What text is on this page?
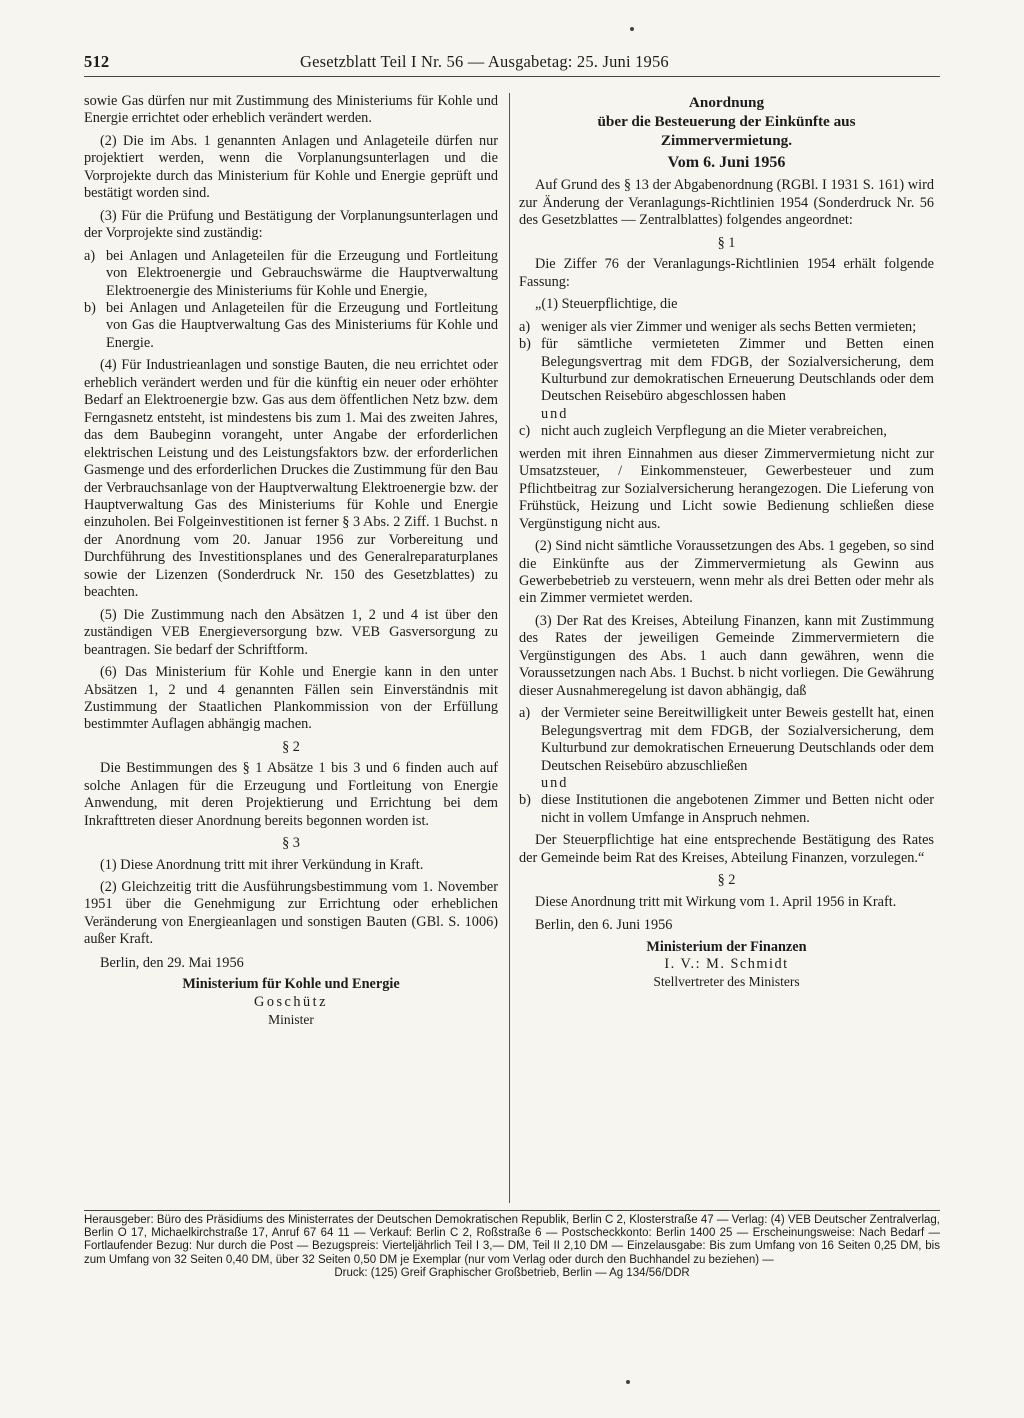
512	Gesetzblatt Teil I Nr. 56 — Ausgabetag: 25. Juni 1956

sowie Gas dürfen nur mit Zustimmung des Ministeriums für Kohle und Energie errichtet oder erheblich verändert werden.

(2) Die im Abs. 1 genannten Anlagen und Anlageteile dürfen nur projektiert werden, wenn die Vorplanungsunterlagen und die Vorprojekte durch das Ministerium für Kohle und Energie geprüft und bestätigt worden sind.

(3) Für die Prüfung und Bestätigung der Vorplanungsunterlagen und der Vorprojekte sind zuständig:

a) bei Anlagen und Anlageteilen für die Erzeugung und Fortleitung von Elektroenergie und Gebrauchswärme die Hauptverwaltung Elektroenergie des Ministeriums für Kohle und Energie,
b) bei Anlagen und Anlageteilen für die Erzeugung und Fortleitung von Gas die Hauptverwaltung Gas des Ministeriums für Kohle und Energie.

(4) Für Industrieanlagen und sonstige Bauten, die neu errichtet oder erheblich verändert werden und für die künftig ein neuer oder erhöhter Bedarf an Elektroenergie bzw. Gas aus dem öffentlichen Netz bzw. dem Ferngasnetz entsteht, ist mindestens bis zum 1. Mai des zweiten Jahres, das dem Baubeginn vorangeht, unter Angabe der erforderlichen elektrischen Leistung und des Leistungsfaktors bzw. der erforderlichen Gasmenge und des erforderlichen Druckes die Zustimmung für den Bau der Verbrauchsanlage von der Hauptverwaltung Elektroenergie bzw. der Hauptverwaltung Gas des Ministeriums für Kohle und Energie einzuholen. Bei Folgeinvestitionen ist ferner § 3 Abs. 2 Ziff. 1 Buchst. n der Anordnung vom 20. Januar 1956 zur Vorbereitung und Durchführung des Investitionsplanes und des Generalreparaturplanes sowie der Lizenzen (Sonderdruck Nr. 150 des Gesetzblattes) zu beachten.

(5) Die Zustimmung nach den Absätzen 1, 2 und 4 ist über den zuständigen VEB Energieversorgung bzw. VEB Gasversorgung zu beantragen. Sie bedarf der Schriftform.

(6) Das Ministerium für Kohle und Energie kann in den unter Absätzen 1, 2 und 4 genannten Fällen sein Einverständnis mit Zustimmung der Staatlichen Plankommission von der Erfüllung bestimmter Auflagen abhängig machen.

§ 2

Die Bestimmungen des § 1 Absätze 1 bis 3 und 6 finden auch auf solche Anlagen für die Erzeugung und Fortleitung von Energie Anwendung, mit deren Projektierung und Errichtung bei dem Inkrafttreten dieser Anordnung bereits begonnen worden ist.

§ 3

(1) Diese Anordnung tritt mit ihrer Verkündung in Kraft.

(2) Gleichzeitig tritt die Ausführungsbestimmung vom 1. November 1951 über die Genehmigung zur Errichtung oder erheblichen Veränderung von Energieanlagen und sonstigen Bauten (GBl. S. 1006) außer Kraft.

Berlin, den 29. Mai 1956
Ministerium für Kohle und Energie
Goschütz
Minister
Anordnung
über die Besteuerung der Einkünfte aus
Zimmervermietung.
Vom 6. Juni 1956

Auf Grund des § 13 der Abgabenordnung (RGBl. I 1931 S. 161) wird zur Änderung der Veranlagungs-Richtlinien 1954 (Sonderdruck Nr. 56 des Gesetzblattes — Zentralblattes) folgendes angeordnet:

§ 1

Die Ziffer 76 der Veranlagungs-Richtlinien 1954 erhält folgende Fassung:

„(1) Steuerpflichtige, die

a) weniger als vier Zimmer und weniger als sechs Betten vermieten;
b) für sämtliche vermieteten Zimmer und Betten einen Belegungsvertrag mit dem FDGB, der Sozialversicherung, dem Kulturbund zur demokratischen Erneuerung Deutschlands oder dem Deutschen Reisebüro abgeschlossen haben
und
c) nicht auch zugleich Verpflegung an die Mieter verabreichen,

werden mit ihren Einnahmen aus dieser Zimmervermietung nicht zur Umsatzsteuer, / Einkommensteuer, Gewerbesteuer und zum Pflichtbeitrag zur Sozialversicherung herangezogen. Die Lieferung von Frühstück, Heizung und Licht sowie Bedienung schließen diese Vergünstigung nicht aus.

(2) Sind nicht sämtliche Voraussetzungen des Abs. 1 gegeben, so sind die Einkünfte aus der Zimmervermietung als Gewinn aus Gewerbebetrieb zu versteuern, wenn mehr als drei Betten oder mehr als ein Zimmer vermietet werden.

(3) Der Rat des Kreises, Abteilung Finanzen, kann mit Zustimmung des Rates der jeweiligen Gemeinde Zimmervermietern die Vergünstigungen des Abs. 1 auch dann gewähren, wenn die Voraussetzungen nach Abs. 1 Buchst. b nicht vorliegen. Die Gewährung dieser Ausnahmeregelung ist davon abhängig, daß

a) der Vermieter seine Bereitwilligkeit unter Beweis gestellt hat, einen Belegungsvertrag mit dem FDGB, der Sozialversicherung, dem Kulturbund zur demokratischen Erneuerung Deutschlands oder dem Deutschen Reisebüro abzuschließen
und
b) diese Institutionen die angebotenen Zimmer und Betten nicht oder nicht in vollem Umfange in Anspruch nehmen.

Der Steuerpflichtige hat eine entsprechende Bestätigung des Rates der Gemeinde beim Rat des Kreises, Abteilung Finanzen, vorzulegen.“

§ 2

Diese Anordnung tritt mit Wirkung vom 1. April 1956 in Kraft.

Berlin, den 6. Juni 1956
Ministerium der Finanzen
I. V.: M. Schmidt
Stellvertreter des Ministers
Herausgeber: Büro des Präsidiums des Ministerrates der Deutschen Demokratischen Republik, Berlin C 2, Klosterstraße 47 — Verlag: (4) VEB Deutscher Zentralverlag, Berlin O 17, Michaelkirchstraße 17, Anruf 67 64 11 — Verkauf: Berlin C 2, Roßstraße 6 — Postscheckkonto: Berlin 1400 25 — Erscheinungsweise: Nach Bedarf — Fortlaufender Bezug: Nur durch die Post — Bezugspreis: Vierteljährlich Teil I 3,— DM, Teil II 2,10 DM — Einzelausgabe: Bis zum Umfang von 16 Seiten 0,25 DM, bis zum Umfang von 32 Seiten 0,40 DM, über 32 Seiten 0,50 DM je Exemplar (nur vom Verlag oder durch den Buchhandel zu beziehen) —
Druck: (125) Greif Graphischer Großbetrieb, Berlin — Ag 134/56/DDR
